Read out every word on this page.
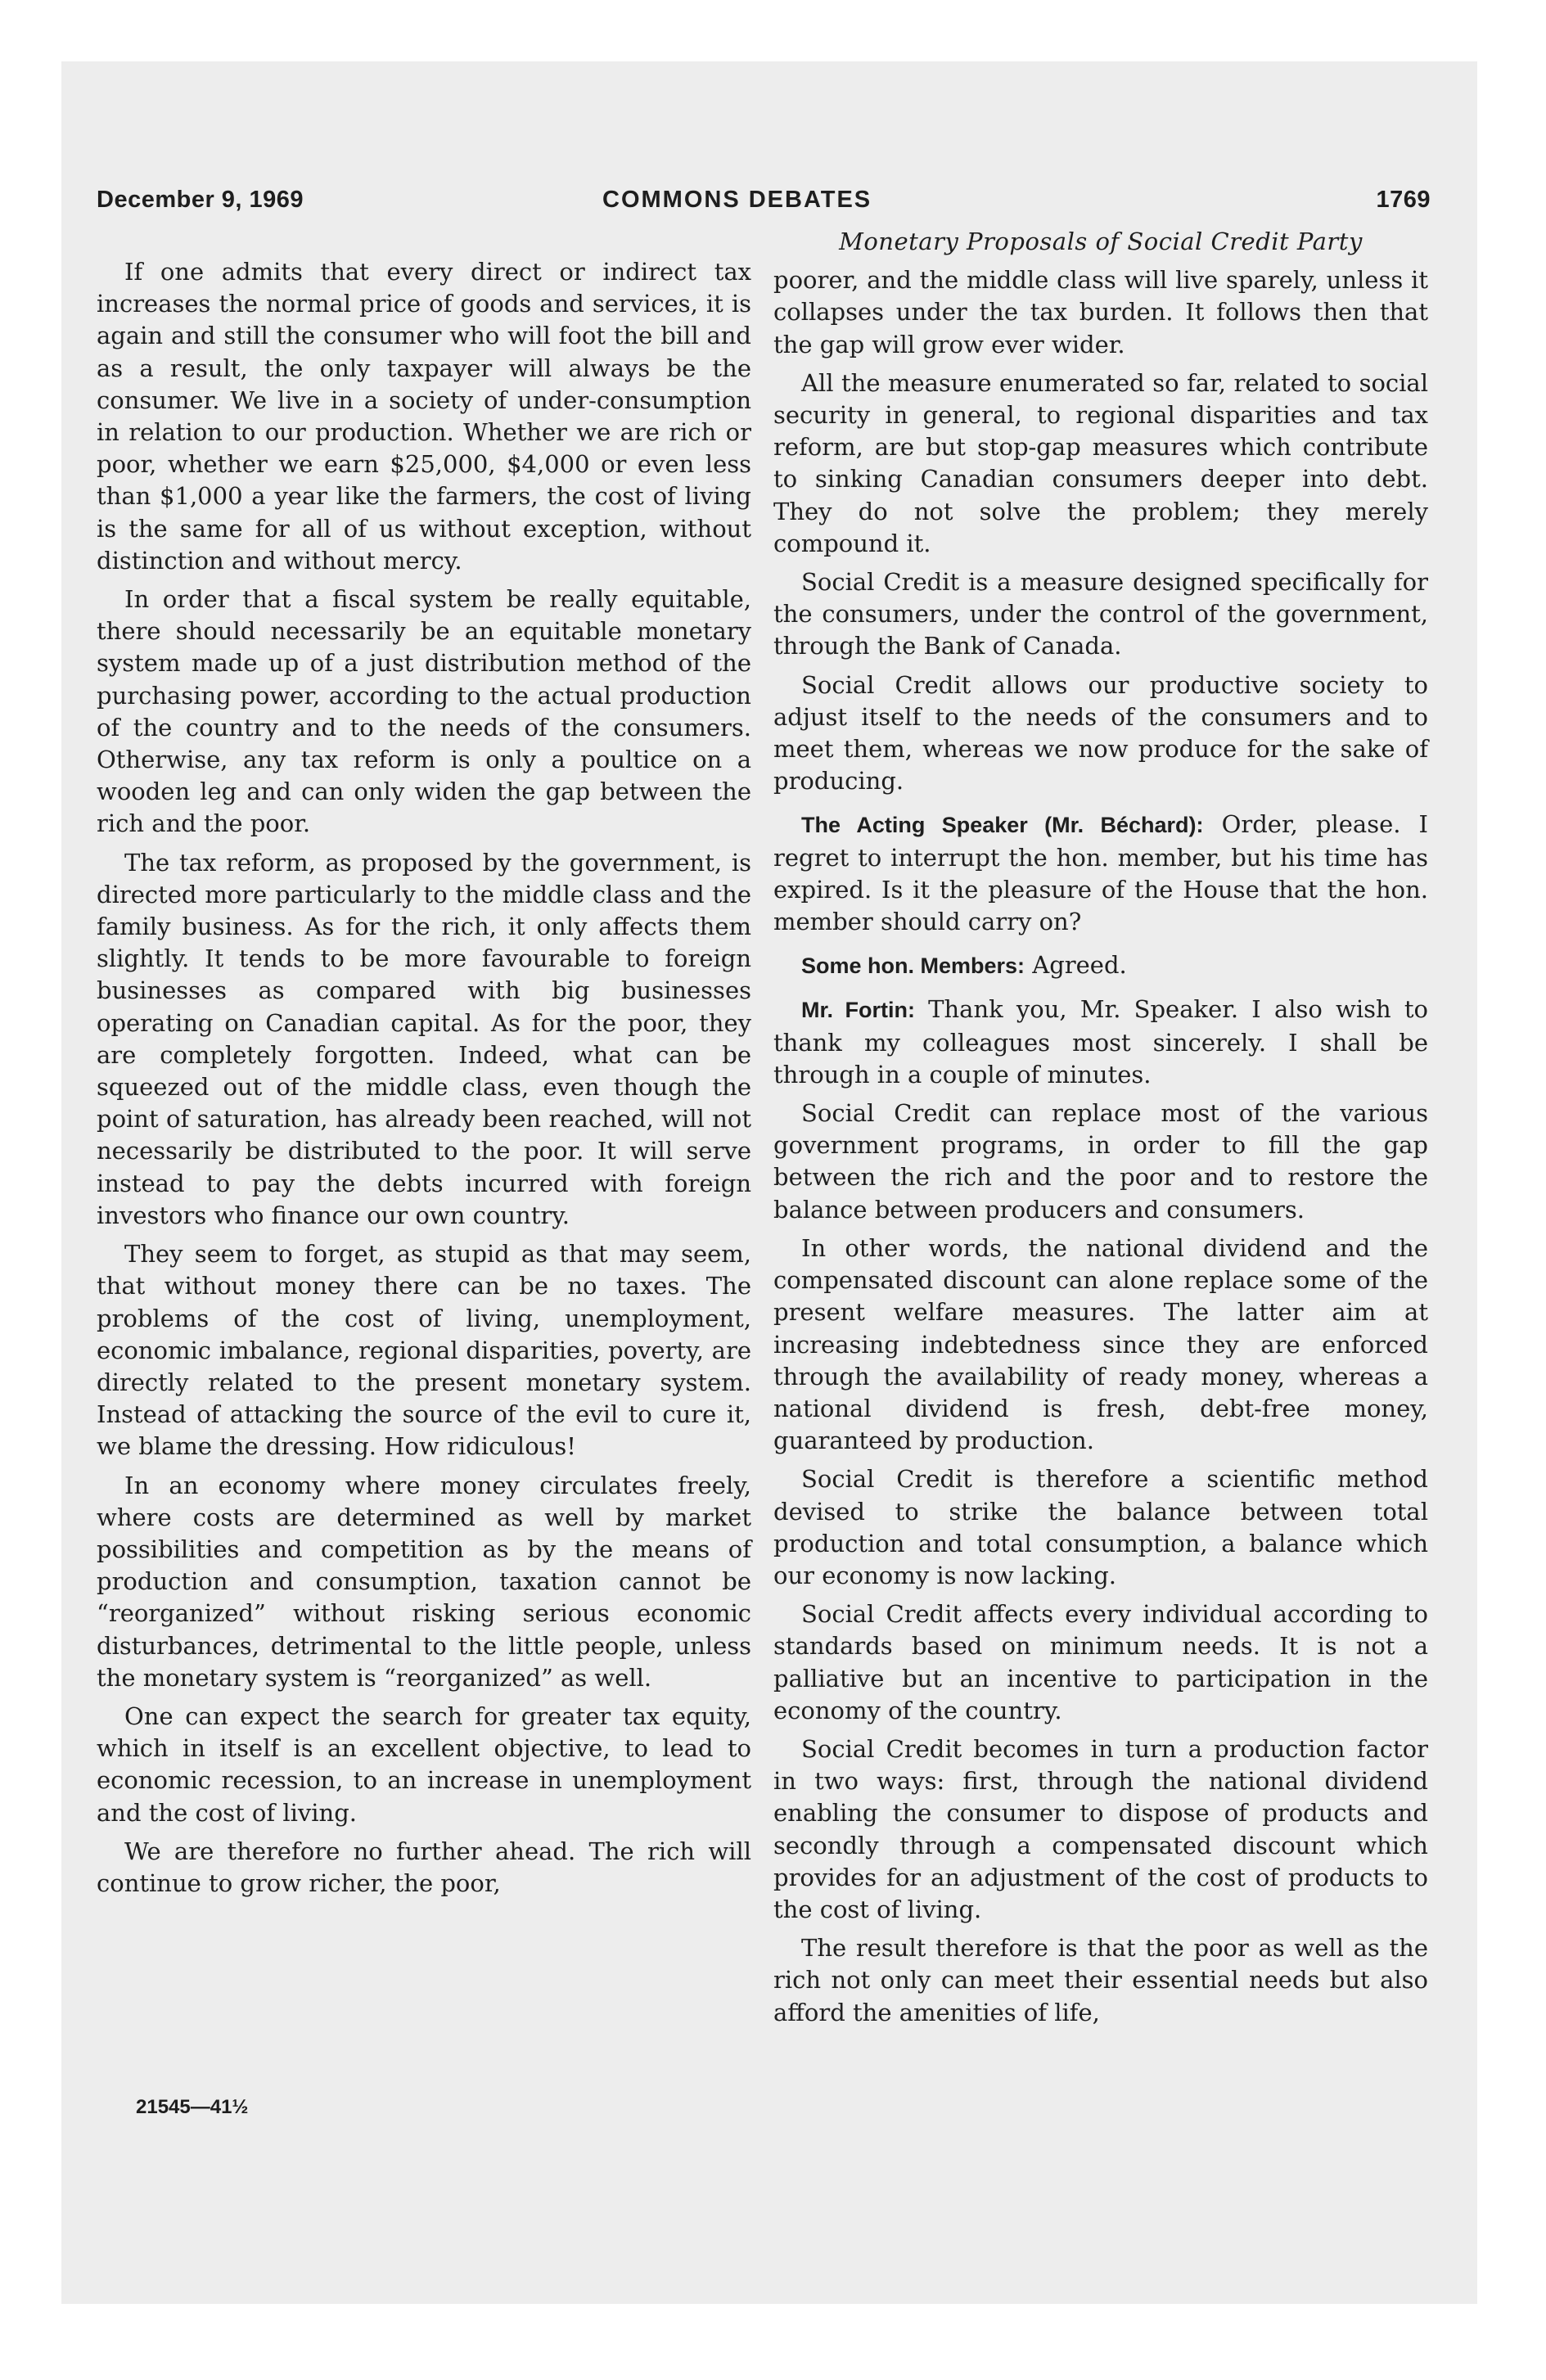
December 9, 1969	COMMONS DEBATES	1769

If one admits that every direct or indirect tax increases the normal price of goods and services, it is again and still the consumer who will foot the bill and as a result, the only taxpayer will always be the consumer. We live in a society of under-consumption in relation to our production. Whether we are rich or poor, whether we earn $25,000, $4,000 or even less than $1,000 a year like the farmers, the cost of living is the same for all of us without exception, without distinction and without mercy.

In order that a fiscal system be really equitable, there should necessarily be an equitable monetary system made up of a just distribution method of the purchasing power, according to the actual production of the country and to the needs of the consumers. Otherwise, any tax reform is only a poultice on a wooden leg and can only widen the gap between the rich and the poor.

The tax reform, as proposed by the government, is directed more particularly to the middle class and the family business. As for the rich, it only affects them slightly. It tends to be more favourable to foreign businesses as compared with big businesses operating on Canadian capital. As for the poor, they are completely forgotten. Indeed, what can be squeezed out of the middle class, even though the point of saturation, has already been reached, will not necessarily be distributed to the poor. It will serve instead to pay the debts incurred with foreign investors who finance our own country.

They seem to forget, as stupid as that may seem, that without money there can be no taxes. The problems of the cost of living, unemployment, economic imbalance, regional disparities, poverty, are directly related to the present monetary system. Instead of attacking the source of the evil to cure it, we blame the dressing. How ridiculous!

In an economy where money circulates freely, where costs are determined as well by market possibilities and competition as by the means of production and consumption, taxation cannot be “reorganized” without risking serious economic disturbances, detrimental to the little people, unless the monetary system is “reorganized” as well.

One can expect the search for greater tax equity, which in itself is an excellent objective, to lead to economic recession, to an increase in unemployment and the cost of living.

We are therefore no further ahead. The rich will continue to grow richer, the poor,

Monetary Proposals of Social Credit Party

poorer, and the middle class will live sparely, unless it collapses under the tax burden. It follows then that the gap will grow ever wider.

All the measure enumerated so far, related to social security in general, to regional disparities and tax reform, are but stop-gap measures which contribute to sinking Canadian consumers deeper into debt. They do not solve the problem; they merely compound it.

Social Credit is a measure designed specifically for the consumers, under the control of the government, through the Bank of Canada.

Social Credit allows our productive society to adjust itself to the needs of the consumers and to meet them, whereas we now produce for the sake of producing.

The Acting Speaker (Mr. Béchard): Order, please. I regret to interrupt the hon. member, but his time has expired. Is it the pleasure of the House that the hon. member should carry on?

Some hon. Members: Agreed.

Mr. Fortin: Thank you, Mr. Speaker. I also wish to thank my colleagues most sincerely. I shall be through in a couple of minutes.

Social Credit can replace most of the various government programs, in order to fill the gap between the rich and the poor and to restore the balance between producers and consumers.

In other words, the national dividend and the compensated discount can alone replace some of the present welfare measures. The latter aim at increasing indebtedness since they are enforced through the availability of ready money, whereas a national dividend is fresh, debt-free money, guaranteed by production.

Social Credit is therefore a scientific method devised to strike the balance between total production and total consumption, a balance which our economy is now lacking.

Social Credit affects every individual according to standards based on minimum needs. It is not a palliative but an incentive to participation in the economy of the country.

Social Credit becomes in turn a production factor in two ways: first, through the national dividend enabling the consumer to dispose of products and secondly through a compensated discount which provides for an adjustment of the cost of products to the cost of living.

The result therefore is that the poor as well as the rich not only can meet their essential needs but also afford the amenities of life,

21545—41½
